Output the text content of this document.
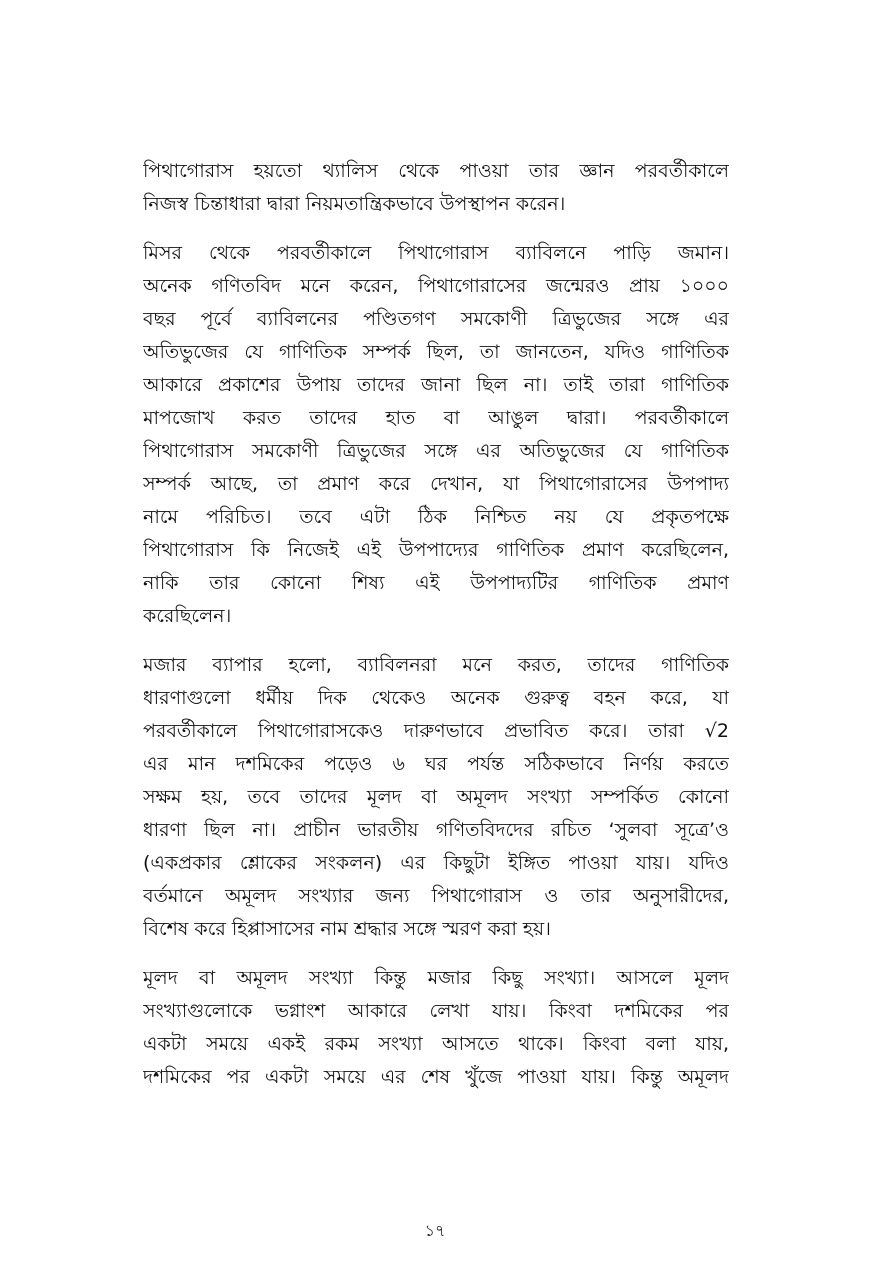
পিথাগোরাস হয়তো থ্যালিস থেকে পাওয়া তার জ্ঞান পরবর্তীকালে
নিজস্ব চিন্তাধারা দ্বারা নিয়মতান্ত্রিকভাবে উপস্থাপন করেন।
মিসর থেকে পরবর্তীকালে পিথাগোরাস ব্যাবিলনে পাড়ি জমান।
অনেক গণিতবিদ মনে করেন, পিথাগোরাসের জন্মেরও প্রায় ১০০০
বছর পূর্বে ব্যাবিলনের পণ্ডিতগণ সমকোণী ত্রিভুজের সঙ্গে এর
অতিভুজের যে গাণিতিক সম্পর্ক ছিল, তা জানতেন, যদিও গাণিতিক
আকারে প্রকাশের উপায় তাদের জানা ছিল না। তাই তারা গাণিতিক
মাপজোখ করত তাদের হাত বা আঙুল দ্বারা। পরবর্তীকালে
পিথাগোরাস সমকোণী ত্রিভুজের সঙ্গে এর অতিভুজের যে গাণিতিক
সম্পর্ক আছে, তা প্রমাণ করে দেখান, যা পিথাগোরাসের উপপাদ্য
নামে পরিচিত। তবে এটা ঠিক নিশ্চিত নয় যে প্রকৃতপক্ষে
পিথাগোরাস কি নিজেই এই উপপাদ্যের গাণিতিক প্রমাণ করেছিলেন,
নাকি তার কোনো শিষ্য এই উপপাদ্যটির গাণিতিক প্রমাণ
করেছিলেন।
মজার ব্যাপার হলো, ব্যাবিলনরা মনে করত, তাদের গাণিতিক
ধারণাগুলো ধর্মীয় দিক থেকেও অনেক গুরুত্ব বহন করে, যা
পরবর্তীকালে পিথাগোরাসকেও দারুণভাবে প্রভাবিত করে। তারা √2
এর মান দশমিকের পড়েও ৬ ঘর পর্যন্ত সঠিকভাবে নির্ণয় করতে
সক্ষম হয়, তবে তাদের মূলদ বা অমূলদ সংখ্যা সম্পর্কিত কোনো
ধারণা ছিল না। প্রাচীন ভারতীয় গণিতবিদদের রচিত ‘সুলবা সূত্রে’ও
(একপ্রকার শ্লোকের সংকলন) এর কিছুটা ইঙ্গিত পাওয়া যায়। যদিও
বর্তমানে অমূলদ সংখ্যার জন্য পিথাগোরাস ও তার অনুসারীদের,
বিশেষ করে হিপ্পাসাসের নাম শ্রদ্ধার সঙ্গে স্মরণ করা হয়।
মূলদ বা অমূলদ সংখ্যা কিন্তু মজার কিছু সংখ্যা। আসলে মূলদ
সংখ্যাগুলোকে ভগ্নাংশ আকারে লেখা যায়। কিংবা দশমিকের পর
একটা সময়ে একই রকম সংখ্যা আসতে থাকে। কিংবা বলা যায়,
দশমিকের পর একটা সময়ে এর শেষ খুঁজে পাওয়া যায়। কিন্তু অমূলদ
১৭
